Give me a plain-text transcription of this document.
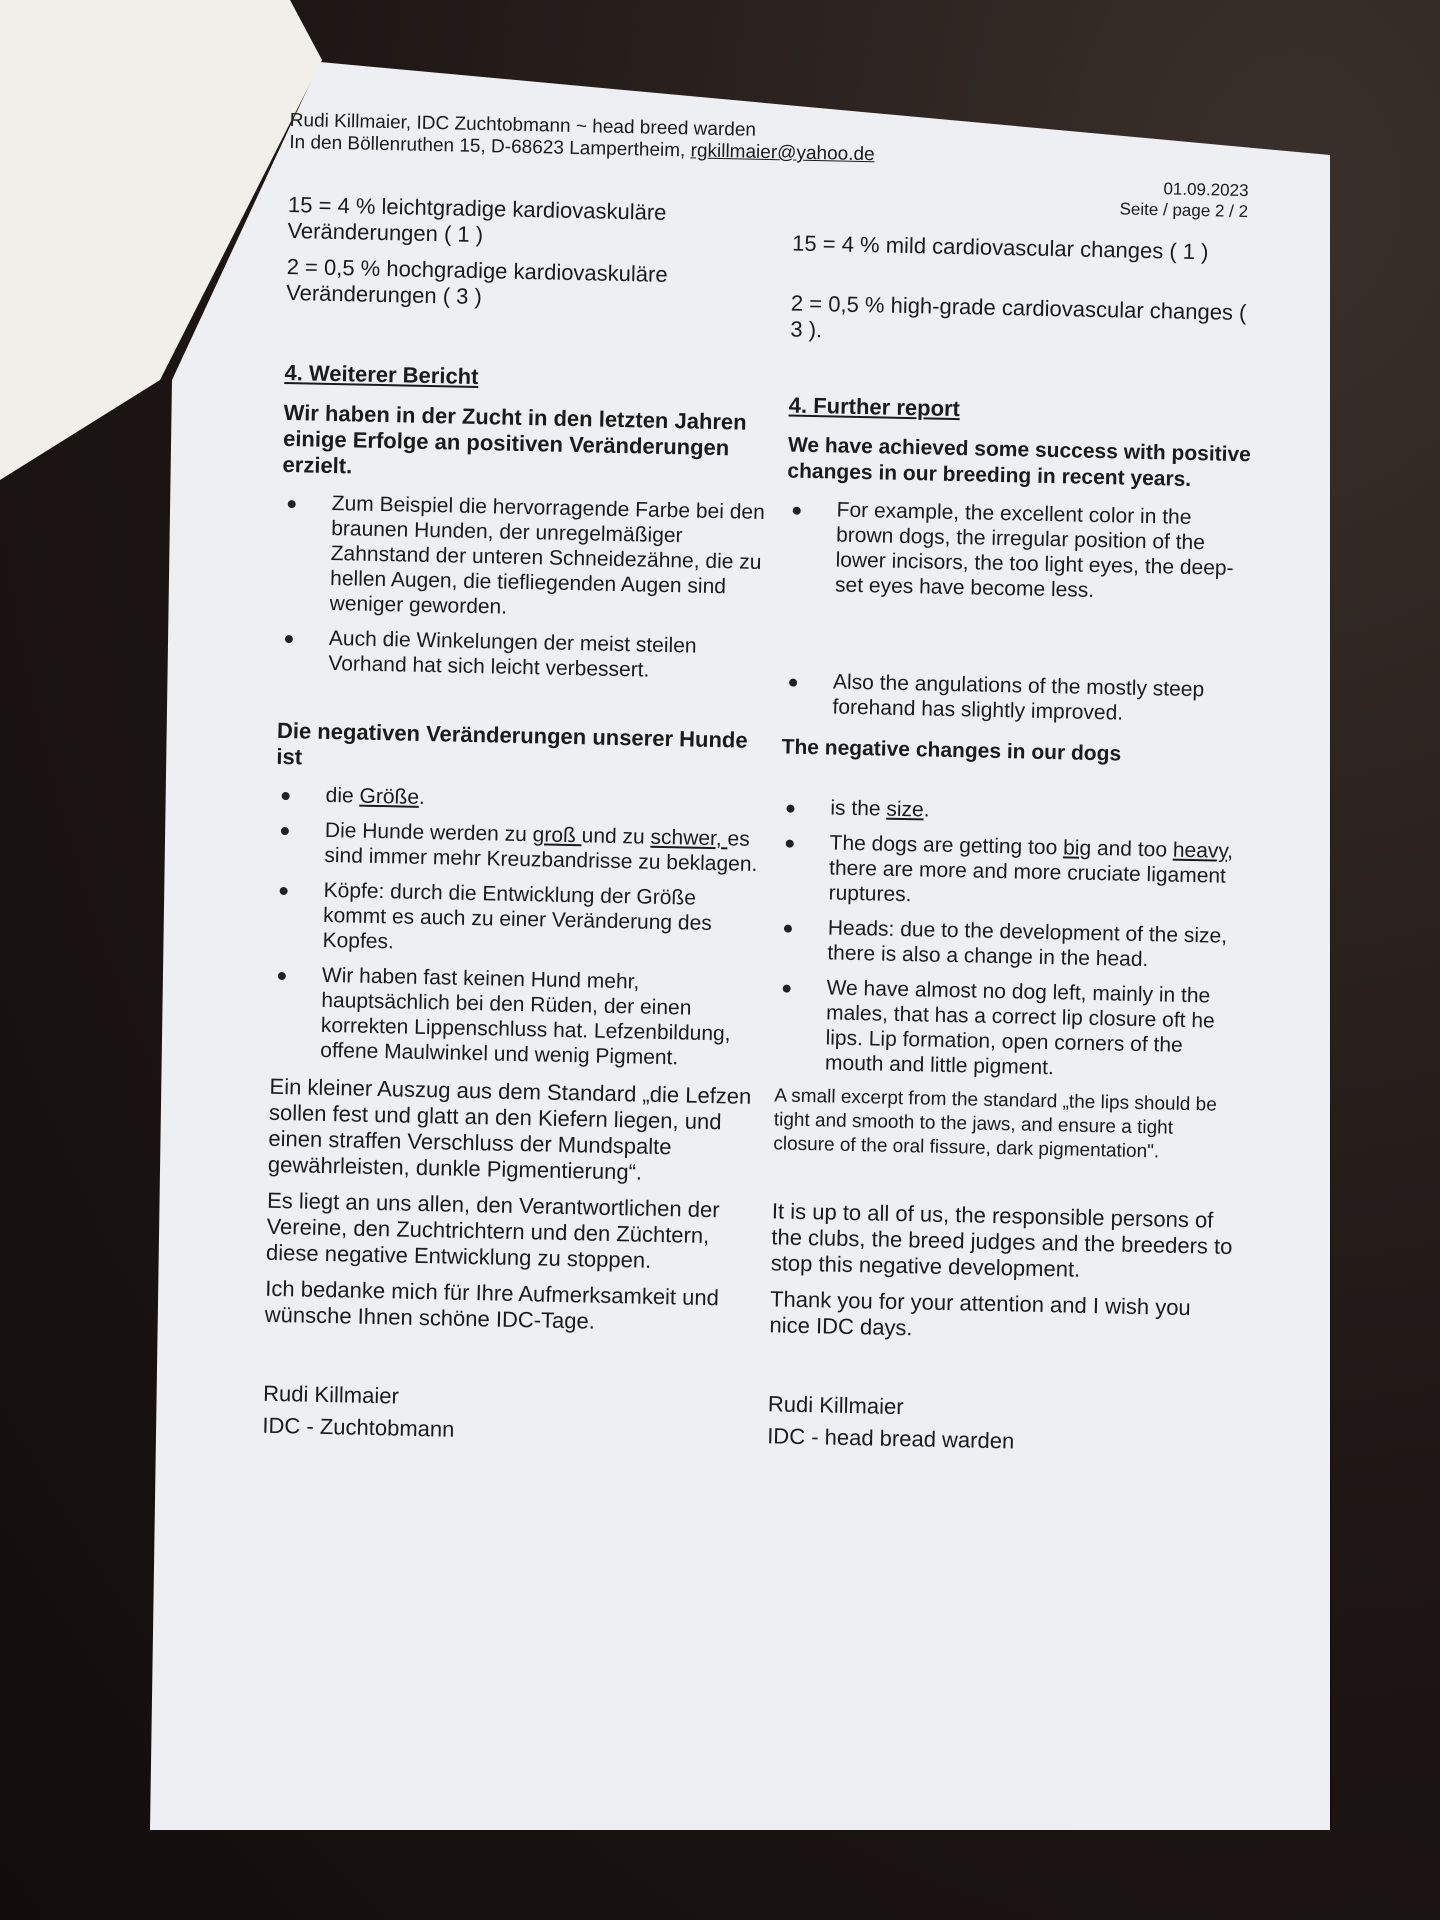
Rudi Killmaier, IDC Zuchtobmann ~ head breed warden
In den Böllenruthen 15, D-68623 Lampertheim, rgkillmaier@yahoo.de
01.09.2023
Seite / page 2 / 2

15 = 4 % leichtgradige kardiovaskuläre Veränderungen ( 1 )

2 = 0,5 % hochgradige kardiovaskuläre Veränderungen ( 3 )

15 = 4 % mild cardiovascular changes ( 1 )

2 = 0,5 % high-grade cardiovascular changes ( 3 ).

4. Weiterer Bericht
Wir haben in der Zucht in den letzten Jahren einige Erfolge an positiven Veränderungen erzielt.
Zum Beispiel die hervorragende Farbe bei den braunen Hunden, der unregelmäßiger Zahnstand der unteren Schneidezähne, die zu hellen Augen, die tiefliegenden Augen sind weniger geworden.
Auch die Winkelungen der meist steilen Vorhand hat sich leicht verbessert.
4. Further report
We have achieved some success with positive changes in our breeding in recent years.
For example, the excellent color in the brown dogs, the irregular position of the lower incisors, the too light eyes, the deep-set eyes have become less.
Also the angulations of the mostly steep forehand has slightly improved.
Die negativen Veränderungen unserer Hunde ist
die Größe.
Die Hunde werden zu groß und zu schwer, es sind immer mehr Kreuzbandrisse zu beklagen.
Köpfe: durch die Entwicklung der Größe kommt es auch zu einer Veränderung des Kopfes.
Wir haben fast keinen Hund mehr, hauptsächlich bei den Rüden, der einen korrekten Lippenschluss hat. Lefzenbildung, offene Maulwinkel und wenig Pigment.
The negative changes in our dogs
is the size.
The dogs are getting too big and too heavy, there are more and more cruciate ligament ruptures.
Heads: due to the development of the size, there is also a change in the head.
We have almost no dog left, mainly in the males, that has a correct lip closure oft he lips. Lip formation, open corners of the mouth and little pigment.

Ein kleiner Auszug aus dem Standard „die Lefzen sollen fest und glatt an den Kiefern liegen, und einen straffen Verschluss der Mundspalte gewährleisten, dunkle Pigmentierung“.

A small excerpt from the standard „the lips should be tight and smooth to the jaws, and ensure a tight closure of the oral fissure, dark pigmentation".

Es liegt an uns allen, den Verantwortlichen der Vereine, den Zuchtrichtern und den Züchtern, diese negative Entwicklung zu stoppen.

It is up to all of us, the responsible persons of the clubs, the breed judges and the breeders to stop this negative development.

Ich bedanke mich für Ihre Aufmerksamkeit und wünsche Ihnen schöne IDC-Tage.	Thank you for your attention and I wish you nice IDC days.

Rudi Killmaier
IDC - Zuchtobmann
Rudi Killmaier
IDC - head bread warden
